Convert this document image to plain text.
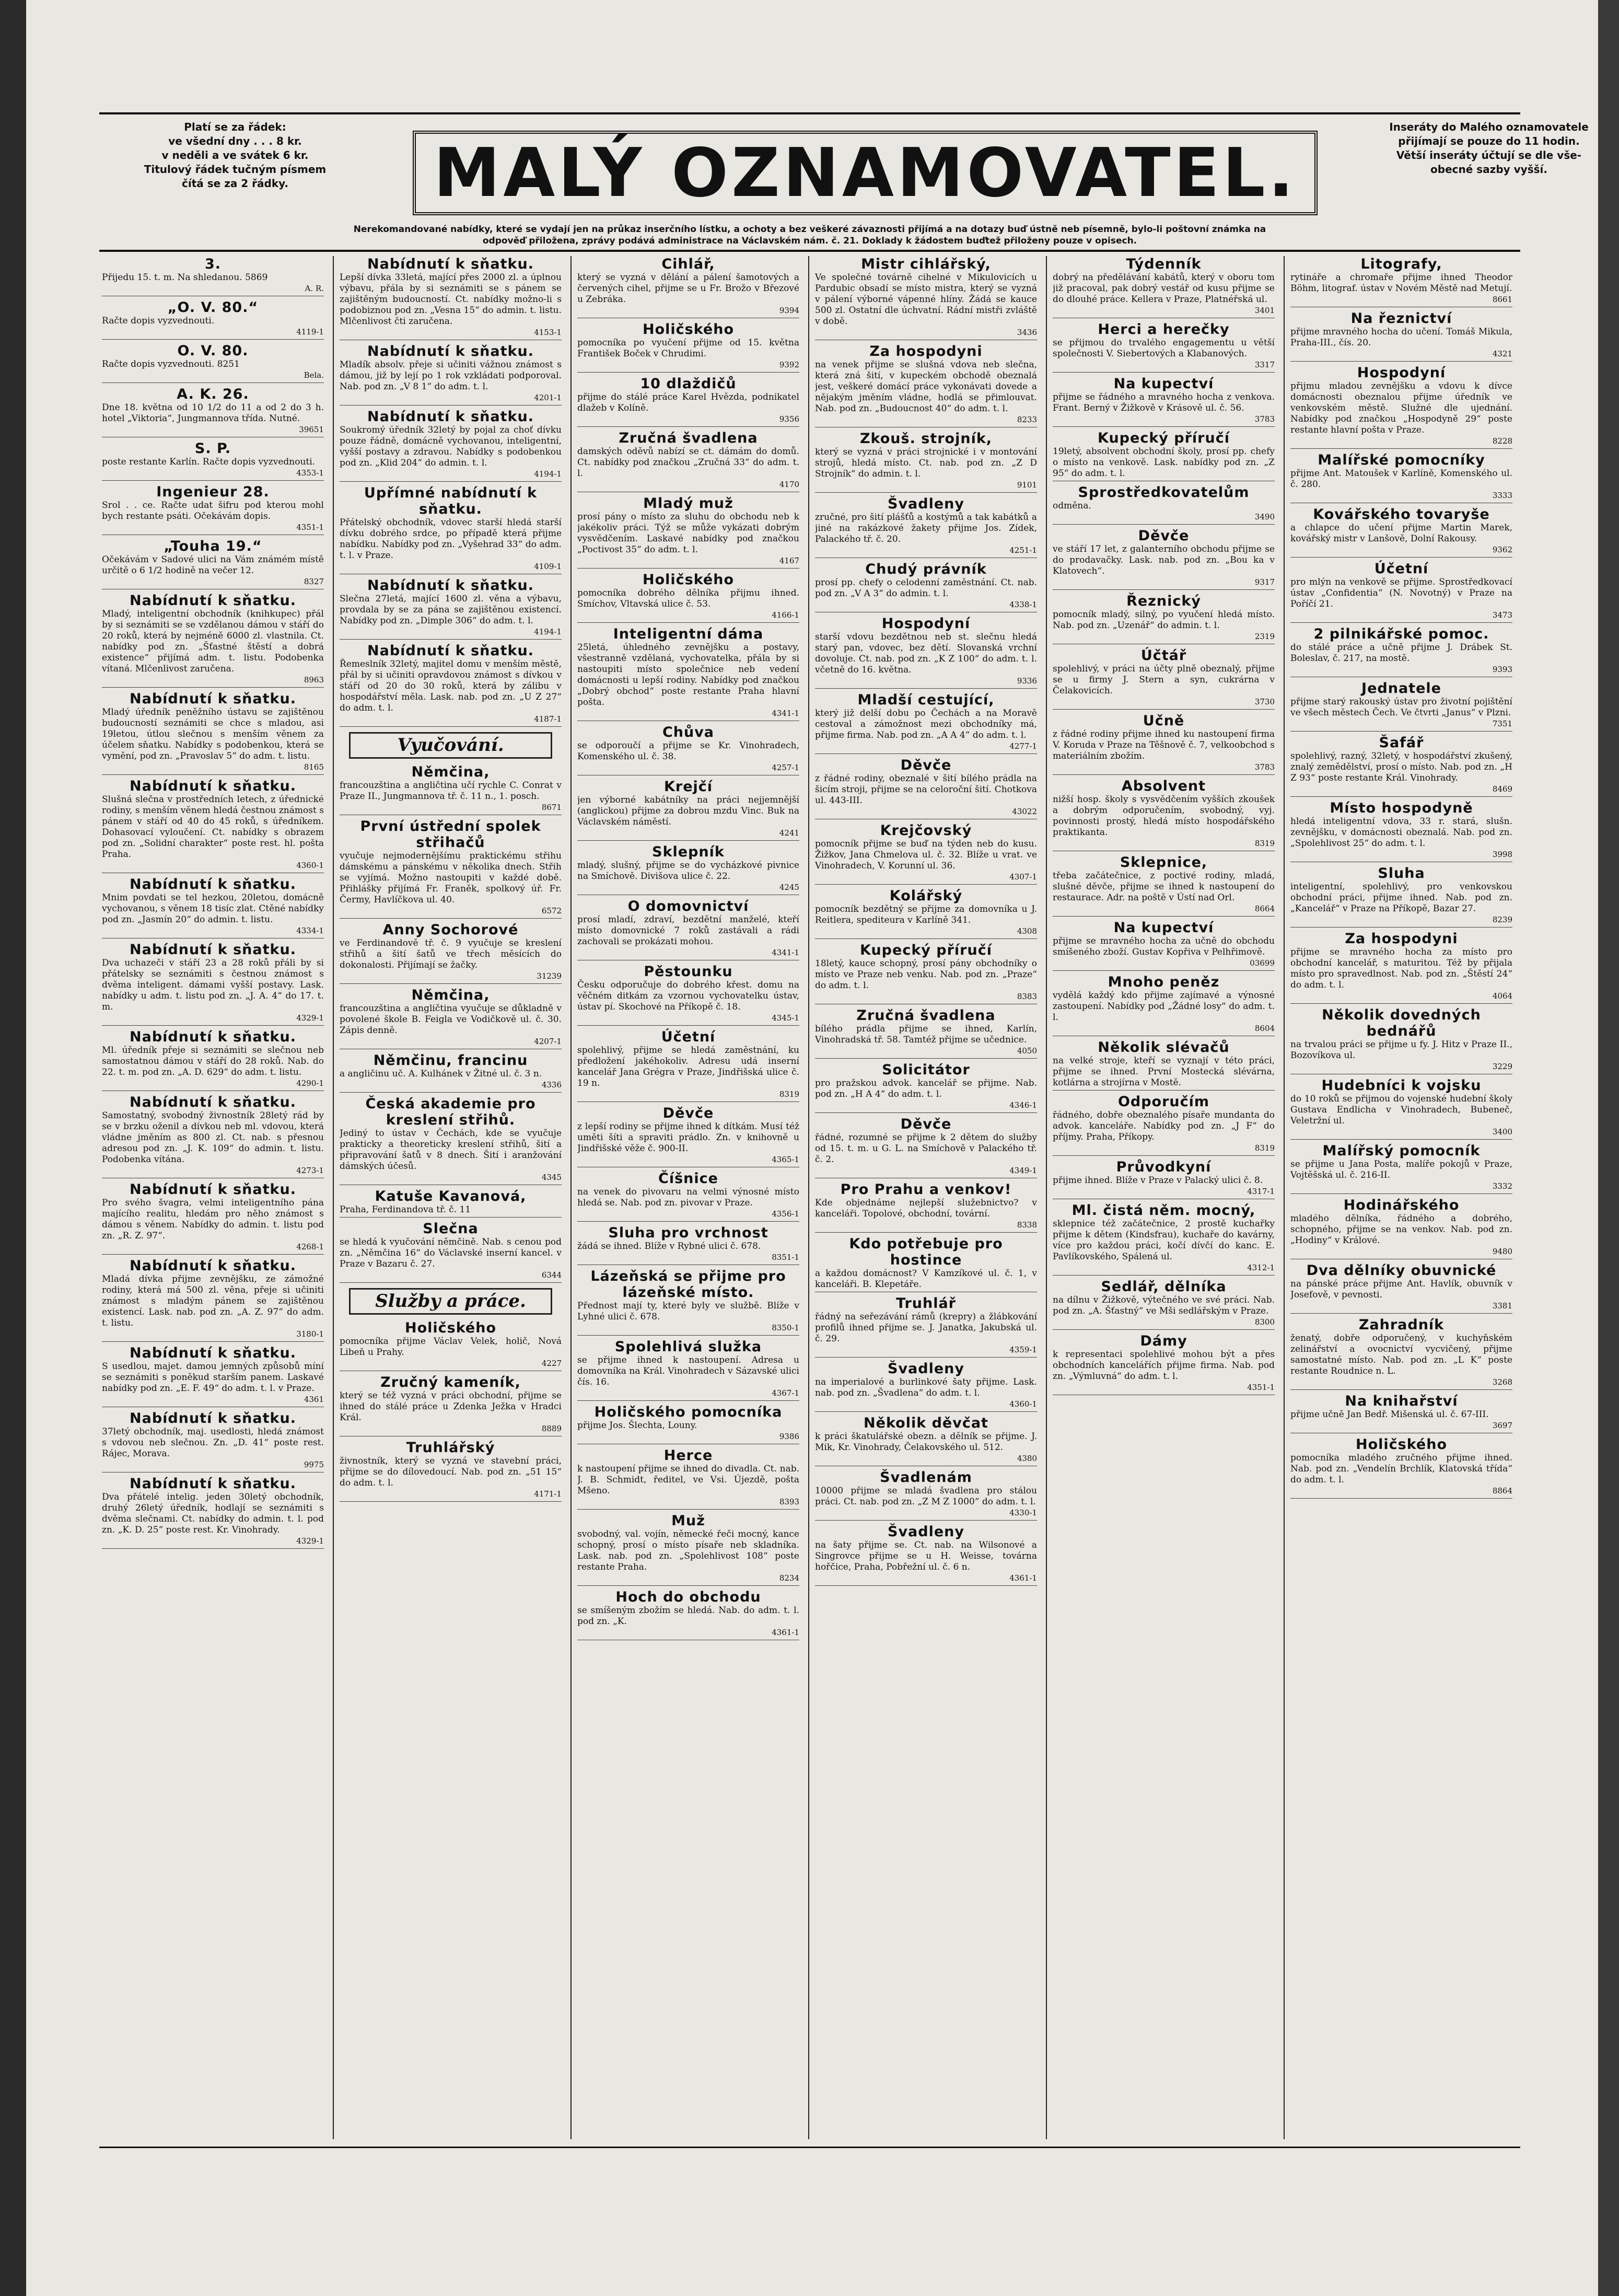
Platí se za řádek:
ve všední dny . . . 8 kr.
v neděli a ve svátek 6 kr.
Titulový řádek tučným písmem
čítá se za 2 řádky.	MALÝ OZNAMOVATEL.
Inseráty do Malého oznamovatele
přijímají se pouze do 11 hodin.
Větší inseráty účtují se dle vše-
obecné sazby vyšší.
Nerekomandované nabídky, které se vydají jen na průkaz inserčního lístku, a ochoty a bez veškeré závaznosti přijímá a na dotazy buď ústně neb písemně, bylo-li poštovní známka na
odpověď přiložena, zprávy podává administrace na Václavském nám. č. 21. Doklady k žádostem buďtež přiloženy pouze v opisech.
3.
Přijedu 15. t. m. Na shledanou. 5869
A. R.
„O. V. 80.“
Račte dopis vyzvednouti.
4119-1
O. V. 80.
Račte dopis vyzvednouti. 8251
Bela.
A. K. 26.
Dne 18. května od 10 1/2 do 11 a od 2 do 3 h. hotel „Viktoria“, Jungmannova třída. Nutné.
39651
S. P.
poste restante Karlín. Račte dopis vyzvednouti.
4353-1
Ingenieur 28.
Srol . . ce. Račte udat šifru pod kterou mohl bych restante psáti. Očekávám dopis.
4351-1
„Touha 19.“
Očekávám v Sadové ulici na Vám známém místě určitě o 6 1/2 hodině na večer 12.
8327
Nabídnutí k sňatku.
Mladý, inteligentní obchodník (knihkupec) přál by si seznámiti se se vzdělanou dámou v stáří do 20 roků, která by nejméně 6000 zl. vlastnila. Ct. nabídky pod zn. „Šťastné štěstí a dobrá existence“ přijímá adm. t. listu. Podobenka vítaná. Mlčenlivost zaručena.
8963
Nabídnutí k sňatku.
Mladý úředník peněžního ústavu se zajištěnou budoucností seznámiti se chce s mladou, asi 19letou, útlou slečnou s menším věnem za účelem sňatku. Nabídky s podobenkou, která se vymění, pod zn. „Pravoslav 5“ do adm. t. listu.
8165
Nabídnutí k sňatku.
Slušná slečna v prostředních letech, z úřednické rodiny, s menším věnem hledá čestnou známost s pánem v stáří od 40 do 45 roků, s úředníkem. Dohasovací vyloučení. Ct. nabídky s obrazem pod zn. „Solidní charakter“ poste rest. hl. pošta Praha.
4360-1
Nabídnutí k sňatku.
Mnim povdati se tel hezkou, 20letou, domácně vychovanou, s věnem 18 tisíc zlat. Ctěné nabídky pod zn. „Jasmín 20“ do admin. t. listu.
4334-1
Nabídnutí k sňatku.
Dva uchazeči v stáří 23 a 28 roků přáli by si přátelsky se seznámiti s čestnou známost s dvěma inteligent. dámami vyšší postavy. Lask. nabídky u adm. t. listu pod zn. „J. A. 4“ do 17. t. m.
4329-1
Nabídnutí k sňatku.
Ml. úředník přeje si seznámiti se slečnou neb samostatnou dámou v stáří do 28 roků. Nab. do 22. t. m. pod zn. „A. D. 629“ do adm. t. listu.
4290-1
Nabídnutí k sňatku.
Samostatný, svobodný živnostník 28letý rád by se v brzku oženil a dívkou neb ml. vdovou, která vládne jměním as 800 zl. Ct. nab. s přesnou adresou pod zn. „J. K. 109“ do admin. t. listu. Podobenka vítána.
4273-1
Nabídnutí k sňatku.
Pro svého švagra, velmi inteligentního pána majícího realitu, hledám pro něho známost s dámou s věnem. Nabídky do admin. t. listu pod zn. „R. Z. 97“.
4268-1
Nabídnutí k sňatku.
Mladá dívka přijme zevnějšku, ze zámožné rodiny, která má 500 zl. věna, přeje si učiniti známost s mladým pánem se zajištěnou existencí. Lask. nab. pod zn. „A. Z. 97“ do adm. t. listu.
3180-1
Nabídnutí k sňatku.
S usedlou, majet. damou jemných způsobů míní se seznámiti s poněkud starším panem. Laskavé nabídky pod zn. „E. F. 49“ do adm. t. l. v Praze.
4361
Nabídnutí k sňatku.
37letý obchodník, maj. usedlosti, hledá známost s vdovou neb slečnou. Zn. „D. 41“ poste rest. Rájec, Morava.
9975
Nabídnutí k sňatku.
Dva přátelé intelig. jeden 30letý obchodník, druhý 26letý úředník, hodlají se seznámiti s dvěma slečnami. Ct. nabídky do admin. t. l. pod zn. „K. D. 25“ poste rest. Kr. Vinohrady.
4329-1
Nabídnutí k sňatku.
Lepší dívka 33letá, mající přes 2000 zl. a úplnou výbavu, přála by si seznámiti se s pánem se zajištěným budoucností. Ct. nabídky možno-li s podobiznou pod zn. „Vesna 15“ do admin. t. listu. Mlčenlivost čti zaručena.
4153-1
Nabídnutí k sňatku.
Mladík absolv. přeje si učiniti vážnou známost s dámou, již by lejí po 1 rok vzkládati podporoval. Nab. pod zn. „V 8 1“ do adm. t. l.
4201-1
Nabídnutí k sňatku.
Soukromý úředník 32letý by pojal za choť dívku pouze řádně, domácně vychovanou, inteligentní, vyšší postavy a zdravou. Nabídky s podobenkou pod zn. „Klid 204“ do admin. t. l.
4194-1
Upřímné nabídnutí k sňatku.
Přátelský obchodník, vdovec starší hledá starší dívku dobrého srdce, po případě která přijme nabídku. Nabídky pod zn. „Vyšehrad 33“ do adm. t. l. v Praze.
4109-1
Nabídnutí k sňatku.
Slečna 27letá, mající 1600 zl. věna a výbavu, provdala by se za pána se zajištěnou existencí. Nabídky pod zn. „Dimple 306“ do adm. t. l.
4194-1
Nabídnutí k sňatku.
Řemeslník 32letý, majitel domu v menším městě, přál by si učiniti opravdovou známost s dívkou v stáří od 20 do 30 roků, která by zálibu v hospodářství měla. Lask. nab. pod zn. „U Z 27“ do adm. t. l.
4187-1
Vyučování.
Němčina,
francouzština a angličtina učí rychle C. Conrat v Praze II., Jungmannova tř. č. 11 n., 1. posch.
8671
První ústřední spolek střihačů
vyučuje nejmodernějšímu praktickému střihu dámskému a pánskému v několika dnech. Střih se vyjímá. Možno nastoupiti v každé době. Přihlášky přijímá Fr. Franěk, spolkový úř. Fr. Čermy, Havlíčkova ul. 40.
6572
Anny Sochorové
ve Ferdinandově tř. č. 9 vyučuje se kreslení střihů a šití šatů ve třech měsících do dokonalosti. Přijímají se žačky.
31239
Němčina,
francouzština a angličtina vyučuje se důkladně v povolené škole B. Feigla ve Vodičkově ul. č. 30. Zápis denně.
4207-1
Němčinu, francinu
a angličinu uč. A. Kulhánek v Žitné ul. č. 3 n.
4336
Česká akademie pro kreslení střihů.
Jediný to ústav v Čechách, kde se vyučuje prakticky a theoreticky kreslení střihů, šití a připravování šatů v 8 dnech. Šití i aranžování dámských účesů.
4345
Katuše Kavanová,
Praha, Ferdinandova tř. č. 11
Slečna
se hledá k vyučování němčině. Nab. s cenou pod zn. „Němčina 16“ do Václavské inserní kancel. v Praze v Bazaru č. 27.
6344
Služby a práce.
Holičského
pomocníka přijme Václav Velek, holič, Nová Libeň u Prahy.
4227
Zručný kameník,
který se též vyzná v práci obchodní, přijme se ihned do stálé práce u Zdenka Ježka v Hradci Král.
8889
Truhlářský
živnostník, který se vyzná ve stavební práci, přijme se do dílovedoucí. Nab. pod zn. „51 15“ do adm. t. l.
4171-1
Cihlář,
který se vyzná v dělání a pálení šamotových a červených cihel, přijme se u Fr. Brožo v Březové u Zebráka.
9394
Holičského
pomocníka po vyučení přijme od 15. května František Boček v Chrudimi.
9392
10 dlaždičů
přijme do stálé práce Karel Hvězda, podnikatel dlažeb v Kolíně.
9356
Zručná švadlena
damských oděvů nabízí se ct. dámám do domů. Ct. nabídky pod značkou „Zručná 33“ do adm. t. l.
4170
Mladý muž
prosí pány o místo za sluhu do obchodu neb k jakékoliv práci. Týž se může vykázati dobrým vysvědčením. Laskavé nabídky pod značkou „Poctivost 35“ do adm. t. l.
4167
Holičského
pomocníka dobrého dělníka přijmu ihned. Smíchov, Vltavská ulice č. 53.
4166-1
Inteligentní dáma
25letá, úhledného zevnějšku a postavy, všestranně vzdělaná, vychovatelka, přála by si nastoupiti místo společnice neb vedení domácnosti u lepší rodiny. Nabídky pod značkou „Dobrý obchod“ poste restante Praha hlavní pošta.
4341-1
Chůva
se odporoučí a přijme se Kr. Vinohradech, Komenského ul. č. 38.
4257-1
Krejčí
jen výborné kabátníky na práci nejjemnější (anglickou) přijme za dobrou mzdu Vinc. Buk na Václavském náměstí.
4241
Sklepník
mladý, slušný, přijme se do vycházkové pivnice na Smíchově. Divišova ulice č. 22.
4245
O domovnictví
prosí mladí, zdraví, bezdětní manželé, kteří místo domovnické 7 roků zastávali a rádi zachovali se prokázati mohou.
4341-1
Pěstounku
Česku odporučuje do dobrého křest. domu na věčném ditkám za vzornou vychovatelku ústav, ústav pí. Skochové na Příkopě č. 18.
4345-1
Účetní
spolehlivý, přijme se hledá zaměstnání, ku předložení jakéhokoliv. Adresu udá inserní kancelář Jana Grégra v Praze, Jindřišská ulice č. 19 n.
8319
Děvče
z lepší rodiny se přijme ihned k dítkám. Musí též uměti šíti a spraviti prádlo. Zn. v knihovně u Jindřišské věže č. 900-II.
4365-1
Číšnice
na venek do pivovaru na velmi výnosné místo hledá se. Nab. pod zn. pivovar v Praze.
4356-1
Sluha pro vrchnost
žádá se ihned. Blíže v Rybné ulici č. 678.
8351-1
Lázeňská se přijme pro lázeňské místo.
Přednost mají ty, které byly ve službě. Blíže v Lyhné ulici č. 678.
8350-1
Spolehlivá služka
se přijme ihned k nastoupení. Adresa u domovníka na Král. Vinohradech v Sázavské ulici čís. 16.
4367-1
Holičského pomocníka
přijme Jos. Šlechta, Louny.
9386
Herce
k nastoupení přijme se ihned do divadla. Ct. nab. J. B. Schmidt, ředitel, ve Vsi. Újezdě, pošta Mšeno.
8393
Muž
svobodný, val. vojín, německé řeči mocný, kance schopný, prosí o místo písaře neb skladníka. Lask. nab. pod zn. „Spolehlivost 108“ poste restante Praha.
8234
Hoch do obchodu
se smíšeným zbožím se hledá. Nab. do adm. t. l. pod zn. „K.
4361-1
Mistr cihlářský,
Ve společné továrně cihelné v Mikulovicích u Pardubic obsadí se místo mistra, který se vyzná v pálení výborné vápenné hlíny. Žádá se kauce 500 zl. Ostatní dle úchvatní. Rádní mistři zvláště v době.
3436
Za hospodyni
na venek přijme se slušná vdova neb slečna, která zná šití, v kupeckém obchodě obeznalá jest, veškeré domácí práce vykonávati dovede a nějakým jměním vládne, hodlá se přimlouvat. Nab. pod zn. „Budoucnost 40“ do adm. t. l.
8233
Zkouš. strojník,
který se vyzná v práci strojnické i v montování strojů, hledá místo. Ct. nab. pod zn. „Z D Strojník“ do admin. t. l.
9101
Švadleny
zručné, pro šití plášťů a kostýmů a tak kabátků a jiné na rakázkové žakety přijme Jos. Zídek, Palackého tř. č. 20.
4251-1
Chudý právník
prosí pp. chefy o celodenní zaměstnání. Ct. nab. pod zn. „V A 3“ do admin. t. l.
4338-1
Hospodyní
starší vdovu bezdětnou neb st. slečnu hledá starý pan, vdovec, bez dětí. Slovanská vrchní dovoluje. Ct. nab. pod zn. „K Z 100“ do adm. t. l. včetně do 16. května.
9336
Mladší cestující,
který již delší dobu po Čechách a na Moravě cestoval a zámožnost mezi obchodníky má, přijme firma. Nab. pod zn. „A A 4“ do adm. t. l.
4277-1
Děvče
z řádné rodiny, obeznalé v šití bílého prádla na šicím stroji, přijme se na celoroční šití. Chotkova ul. 443-III.
43022
Krejčovský
pomocník přijme se buď na týden neb do kusu. Žižkov, Jana Chmelova ul. č. 32. Blíže u vrat. ve Vinohradech, V. Korunní ul. 36.
4307-1
Kolářský
pomocník bezdětný se přijme za domovníka u J. Reitlera, spediteura v Karlíně 341.
4308
Kupecký příručí
18letý, kauce schopný, prosí pány obchodníky o místo ve Praze neb venku. Nab. pod zn. „Praze“ do adm. t. l.
8383
Zručná švadlena
bílého prádla přijme se ihned, Karlín, Vinohradská tř. 58. Tamtéž přijme se učednice.
4050
Solicitátor
pro pražskou advok. kancelář se přijme. Nab. pod zn. „H A 4“ do adm. t. l.
4346-1
Děvče
řádné, rozumné se přijme k 2 dětem do služby od 15. t. m. u G. L. na Smíchově v Palackého tř. č. 2.
4349-1
Pro Prahu a venkov!
Kde objednáme nejlepší služebnictvo? v kanceláři. Topolové, obchodní, tovární.
8338
Kdo potřebuje pro hostince
a každou domácnost? V Kamzíkové ul. č. 1, v kanceláři. B. Klepetáře.
Truhlář
řádný na seřezávání rámů (krepry) a žlábkování profilů ihned přijme se. J. Janatka, Jakubská ul. č. 29.
4359-1
Švadleny
na imperialové a burlinkové šaty přijme. Lask. nab. pod zn. „Švadlena“ do adm. t. l.
4360-1
Několik děvčat
k práci škatulářské obezn. a dělník se přijme. J. Mik, Kr. Vinohrady, Čelakovského ul. 512.
4380
Švadlenám
10000 přijme se mladá švadlena pro stálou práci. Ct. nab. pod zn. „Z M Z 1000“ do adm. t. l.
4330-1
Švadleny
na šaty přijme se. Ct. nab. na Wilsonové a Singrovce přijme se u H. Weisse, továrna hořčice, Praha, Pobřežní ul. č. 6 n.
4361-1
Týdenník
dobrý na předělávání kabátů, který v oboru tom již pracoval, pak dobrý vestář od kusu přijme se do dlouhé práce. Kellera v Praze, Platnéřská ul.
3401
Herci a herečky
se přijmou do trvalého engagementu u větší společnosti V. Siebertových a Klabanových.
3317
Na kupectví
přijme se řádného a mravného hocha z venkova. Frant. Berný v Žižkově v Krásově ul. č. 56.
3783
Kupecký příručí
19letý, absolvent obchodní školy, prosí pp. chefy o místo na venkově. Lask. nabídky pod zn. „Z 95“ do adm. t. l.
Sprostředkovatelům
odměna.
3490
Děvče
ve stáří 17 let, z galanterního obchodu přijme se do prodavačky. Lask. nab. pod zn. „Bou ka v Klatovech“.
9317
Řeznický
pomocník mladý, silný, po vyučení hledá místo. Nab. pod zn. „Uzenář“ do admin. t. l.
2319
Účtář
spolehlivý, v práci na účty plně obeznalý, přijme se u firmy J. Stern a syn, cukrárna v Čelakovicích.
3730
Učně
z řádné rodiny přijme ihned ku nastoupení firma V. Koruda v Praze na Těšnově č. 7, velkoobchod s materiálním zbožím.
3783
Absolvent
nižší hosp. školy s vysvědčením vyšších zkoušek a dobrým odporučením, svobodný, vyj. povinnosti prostý, hledá místo hospodářského praktikanta.
8319
Sklepnice,
třeba začátečnice, z poctivé rodiny, mladá, slušné děvče, přijme se ihned k nastoupení do restaurace. Adr. na poště v Ústí nad Orl.
8664
Na kupectví
přijme se mravného hocha za učně do obchodu smíšeného zboží. Gustav Kopřiva v Pelhřimově.
03699
Mnoho peněz
vydělá každý kdo přijme zajímavé a výnosné zastoupení. Nabídky pod „Žádné losy“ do adm. t. l.
8604
Několik slévačů
na velké stroje, kteří se vyznají v této práci, přijme se ihned. První Mostecká slévárna, kotlárna a strojírna v Mostě.
Odporučím
řádného, dobře obeznalého písaře mundanta do advok. kanceláře. Nabídky pod zn. „J F“ do příjmy. Praha, Příkopy.
8319
Průvodkyní
přijme ihned. Blíže v Praze v Palacký ulici č. 8.
4317-1
Ml. čistá něm. mocný,
sklepnice též začátečnice, 2 prostě kuchařky přijme k dětem (Kindsfrau), kuchaře do kavárny, více pro každou práci, kočí dívčí do kanc. E. Pavlíkovského, Spálená ul.
4312-1
Sedlář, dělníka
na dílnu v Žižkově, výtečného ve své práci. Nab. pod zn. „A. Šťastný“ ve Mši sedlářským v Praze.
8300
Dámy
k representaci spolehlivé mohou být a přes obchodních kancelářích přijme firma. Nab. pod zn. „Výmluvná“ do adm. t. l.
4351-1
Litografy,
rytináře a chromaře přijme ihned Theodor Böhm, litograf. ústav v Novém Městě nad Metují.
8661
Na řeznictví
přijme mravného hocha do učení. Tomáš Mikula, Praha-III., čís. 20.
4321
Hospodyní
přijmu mladou zevnějšku a vdovu k dívce domácnosti obeznalou přijme úředník ve venkovském městě. Služné dle ujednání. Nabídky pod značkou „Hospodyně 29“ poste restante hlavní pošta v Praze.
8228
Malířské pomocníky
přijme Ant. Matoušek v Karlíně, Komenského ul. č. 280.
3333
Kovářského tovaryše
a chlapce do učení přijme Martin Marek, kovářský mistr v Lanšově, Dolní Rakousy.
9362
Účetní
pro mlýn na venkově se přijme. Sprostředkovací ústav „Confidentia“ (N. Novotný) v Praze na Poříčí 21.
3473
2 pilnikářské pomoc.
do stálé práce a učně přijme J. Drábek St. Boleslav, č. 217, na mostě.
9393
Jednatele
přijme starý rakouský ústav pro životní pojištění ve všech městech Čech. Ve čtvrti „Janus“ v Plzni.
7351
Šafář
spolehlivý, razný, 32letý, v hospodářství zkušený, znalý zemědělství, prosí o místo. Nab. pod zn. „H Z 93“ poste restante Král. Vinohrady.
8469
Místo hospodyně
hledá inteligentní vdova, 33 r. stará, slušn. zevnějšku, v domácnosti obeznalá. Nab. pod zn. „Spolehlivost 25“ do adm. t. l.
3998
Sluha
inteligentní, spolehlivý, pro venkovskou obchodní práci, přijme ihned. Nab. pod zn. „Kancelář“ v Praze na Příkopě, Bazar 27.
8239
Za hospodyni
přijme se mravného hocha za místo pro obchodní kancelář, s maturitou. Též by přijala místo pro spravedlnost. Nab. pod zn. „Štěstí 24“ do adm. t. l.
4064
Několik dovedných bednářů
na trvalou práci se přijme u fy. J. Hitz v Praze II., Bozovíkova ul.
3229
Hudebníci k vojsku
do 10 roků se přijmou do vojenské hudební školy Gustava Endlicha v Vinohradech, Bubeneč, Veletržní ul.
3400
Malířský pomocník
se přijme u Jana Posta, malíře pokojů v Praze, Vojtěšská ul. č. 216-II.
3332
Hodinářského
mladého dělníka, řádného a dobrého, schopného, přijme se na venkov. Nab. pod zn. „Hodiny“ v Králové.
9480
Dva dělníky obuvnické
na pánské práce přijme Ant. Havlík, obuvník v Josefově, v pevnosti.
3381
Zahradník
ženatý, dobře odporučený, v kuchyňském zelinářství a ovocnictví vycvičený, přijme samostatné místo. Nab. pod zn. „L K“ poste restante Roudnice n. L.
3268
Na knihařství
přijme učně Jan Bedř. Mišenská ul. č. 67-III.
3697
Holičského
pomocníka mladého zručného přijme ihned. Nab. pod zn. „Vendelín Brchlík, Klatovská třída“ do adm. t. l.
8864
